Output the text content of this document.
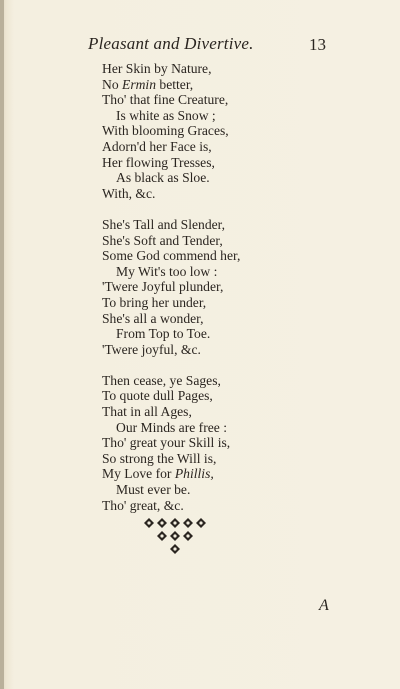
Pleasant and Divertive.	13
Her Skin by Nature,
No Ermin better,
Tho' that fine Creature,
Is white as Snow ;
With blooming Graces,
Adorn'd her Face is,
Her flowing Tresses,
As black as Sloe.
With, &c.
She's Tall and Slender,
She's Soft and Tender,
Some God commend her,
My Wit's too low :
'Twere Joyful plunder,
To bring her under,
She's all a wonder,
From Top to Toe.
'Twere joyful, &c.
Then cease, ye Sages,
To quote dull Pages,
That in all Ages,
Our Minds are free :
Tho' great your Skill is,
So strong the Will is,
My Love for Phillis,
Must ever be.
Tho' great, &c.
A
